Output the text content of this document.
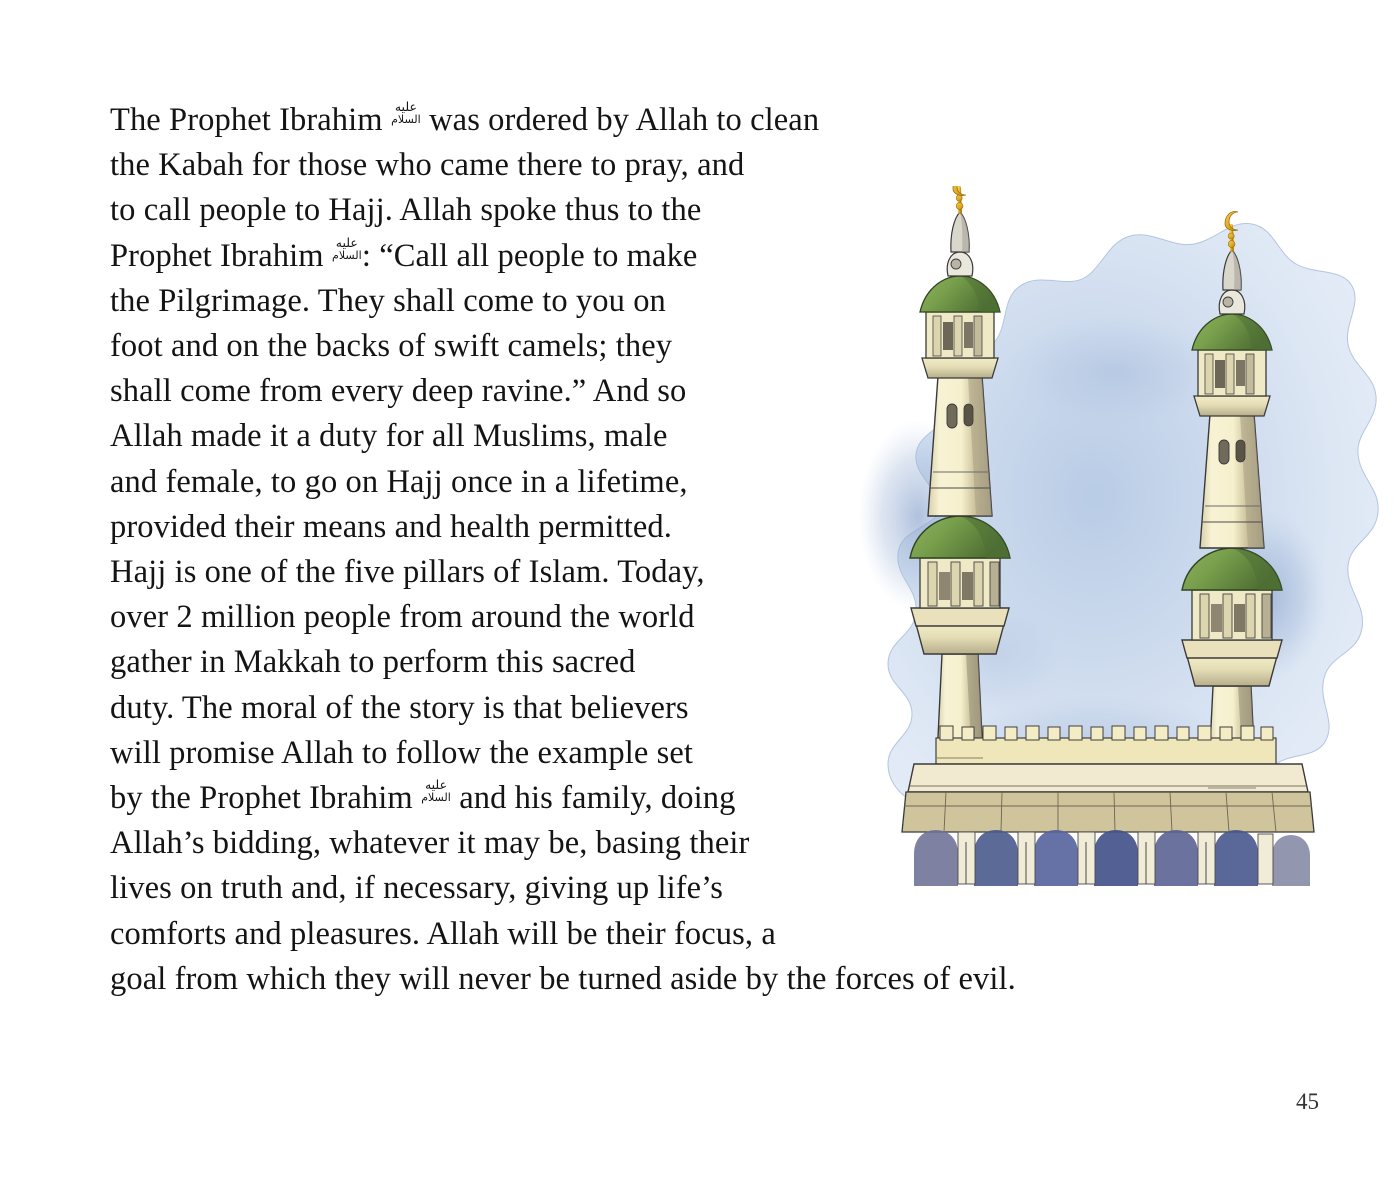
The Prophet Ibrahim عليه
السلام was ordered by Allah to clean
the Kabah for those who came there to pray, and
to call people to Hajj. Allah spoke thus to the
Prophet Ibrahim عليه
السلام : “Call all people to make
the Pilgrimage. They shall come to you on
foot and on the backs of swift camels; they
shall come from every deep ravine.” And so
Allah made it a duty for all Muslims, male
and female, to go on Hajj once in a lifetime,
provided their means and health permitted.
Hajj is one of the five pillars of Islam. Today,
over 2 million people from around the world
gather in Makkah to perform this sacred
duty. The moral of the story is that believers
will promise Allah to follow the example set
by the Prophet Ibrahim عليه
السلام and his family, doing
Allah’s bidding, whatever it may be, basing their
lives on truth and, if necessary, giving up life’s
comforts and pleasures. Allah will be their focus, a
goal from which they will never be turned aside by the forces of evil.
45
